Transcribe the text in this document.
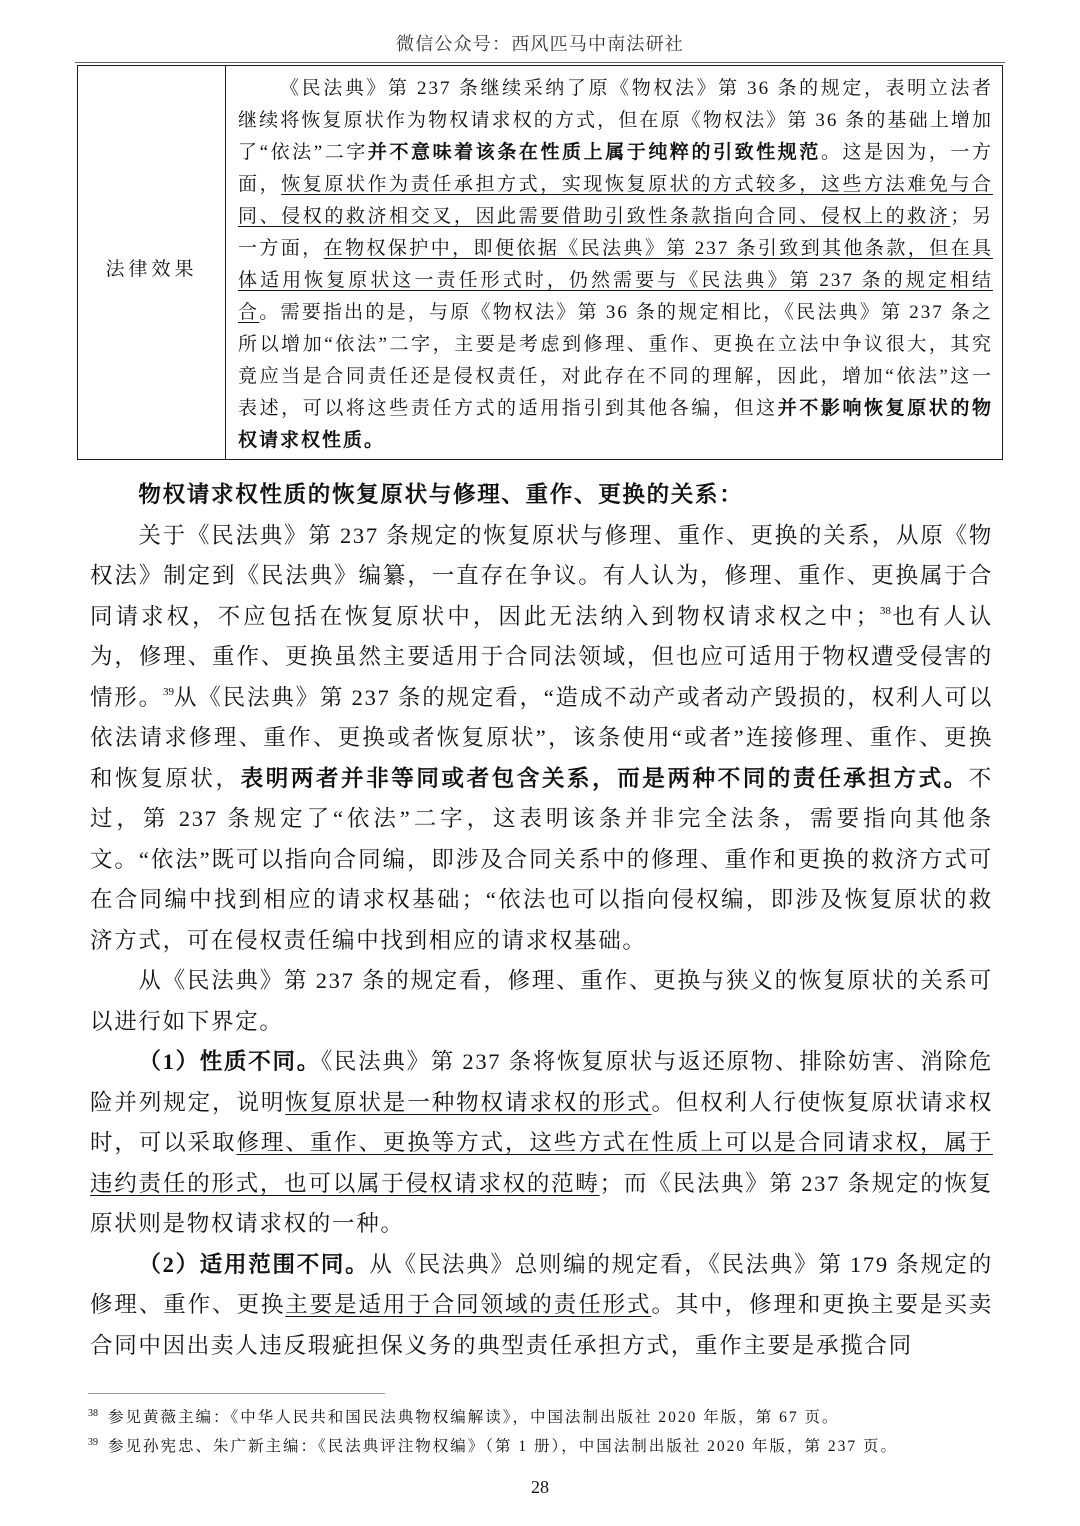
微信公众号：西风匹马中南法研社
法律效果

《民法典》第 237 条继续采纳了原《物权法》第 36 条的规定，表明立法者继续将恢复原状作为物权请求权的方式，但在原《物权法》第 36 条的基础上增加了“依法”二字并不意味着该条在性质上属于纯粹的引致性规范。这是因为，一方面，恢复原状作为责任承担方式，实现恢复原状的方式较多，这些方法难免与合同、侵权的救济相交叉，因此需要借助引致性条款指向合同、侵权上的救济；另一方面，在物权保护中，即便依据《民法典》第 237 条引致到其他条款，但在具体适用恢复原状这一责任形式时，仍然需要与《民法典》第 237 条的规定相结合。需要指出的是，与原《物权法》第 36 条的规定相比，《民法典》第 237 条之所以增加“依法”二字，主要是考虑到修理、重作、更换在立法中争议很大，其究竟应当是合同责任还是侵权责任，对此存在不同的理解，因此，增加“依法”这一表述，可以将这些责任方式的适用指引到其他各编，但这并不影响恢复原状的物权请求权性质。

物权请求权性质的恢复原状与修理、重作、更换的关系：

关于《民法典》第 237 条规定的恢复原状与修理、重作、更换的关系，从原《物权法》制定到《民法典》编纂，一直存在争议。有人认为，修理、重作、更换属于合同请求权，不应包括在恢复原状中，因此无法纳入到物权请求权之中；$^{38}$也有人认为，修理、重作、更换虽然主要适用于合同法领域，但也应可适用于物权遭受侵害的情形。$^{39}$从《民法典》第 237 条的规定看，“造成不动产或者动产毁损的，权利人可以依法请求修理、重作、更换或者恢复原状”，该条使用“或者”连接修理、重作、更换和恢复原状，表明两者并非等同或者包含关系，而是两种不同的责任承担方式。不过，第 237 条规定了“依法”二字，这表明该条并非完全法条，需要指向其他条文。“依法”既可以指向合同编，即涉及合同关系中的修理、重作和更换的救济方式可在合同编中找到相应的请求权基础；“依法也可以指向侵权编，即涉及恢复原状的救济方式，可在侵权责任编中找到相应的请求权基础。

从《民法典》第 237 条的规定看，修理、重作、更换与狭义的恢复原状的关系可以进行如下界定。

（1）性质不同。《民法典》第 237 条将恢复原状与返还原物、排除妨害、消除危险并列规定，说明恢复原状是一种物权请求权的形式。但权利人行使恢复原状请求权时，可以采取修理、重作、更换等方式，这些方式在性质上可以是合同请求权，属于违约责任的形式，也可以属于侵权请求权的范畴；而《民法典》第 237 条规定的恢复原状则是物权请求权的一种。

（2）适用范围不同。从《民法典》总则编的规定看，《民法典》第 179 条规定的修理、重作、更换主要是适用于合同领域的责任形式。其中，修理和更换主要是买卖合同中因出卖人违反瑕疵担保义务的典型责任承担方式，重作主要是承揽合同

38 参见黄薇主编：《中华人民共和国民法典物权编解读》，中国法制出版社 2020 年版，第 67 页。
39 参见孙宪忠、朱广新主编：《民法典评注物权编》（第 1 册），中国法制出版社 2020 年版，第 237 页。
28
